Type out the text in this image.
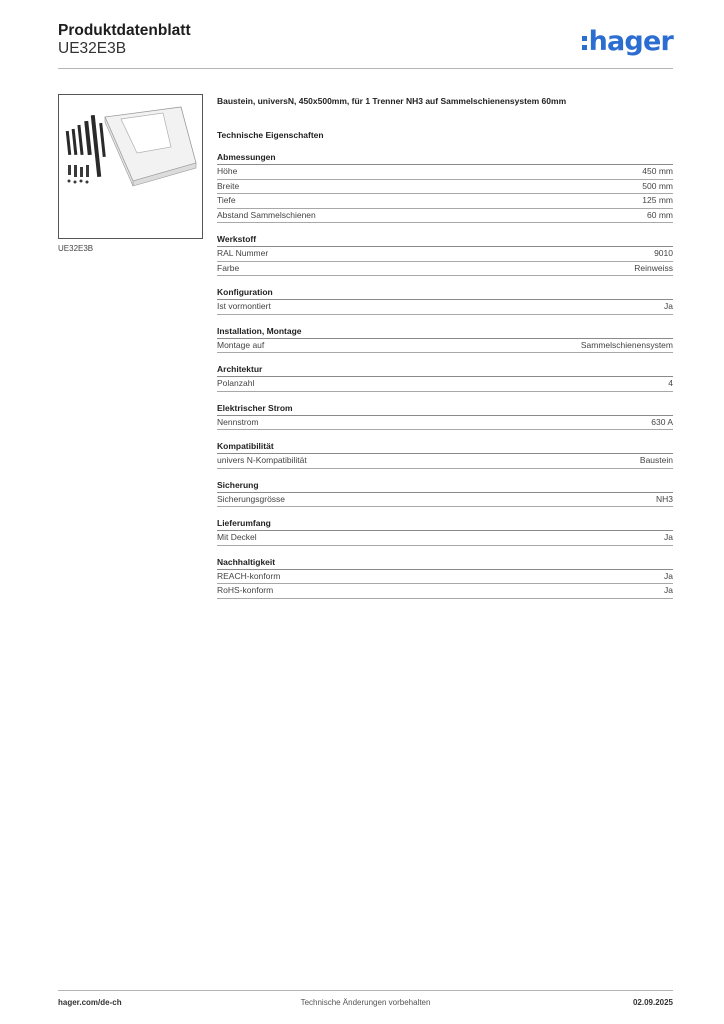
Produktdatenblatt
UE32E3B	hager
UE32E3B
Baustein, universN, 450x500mm, für 1 Trenner NH3 auf Sammelschienensystem 60mm
Technische Eigenschaften
Abmessungen
Höhe	450 mm
Breite	500 mm
Tiefe	125 mm
Abstand Sammelschienen	60 mm
Werkstoff
RAL Nummer	9010
Farbe	Reinweiss
Konfiguration
Ist vormontiert	Ja
Installation, Montage
Montage auf	Sammelschienensystem
Architektur
Polanzahl	4
Elektrischer Strom
Nennstrom	630 A
Kompatibilität
univers N-Kompatibilität	Baustein
Sicherung
Sicherungsgrösse	NH3
Lieferumfang
Mit Deckel	Ja
Nachhaltigkeit
REACH-konform	Ja
RoHS-konform	Ja
hager.com/de-ch	Technische Änderungen vorbehalten	02.09.2025
